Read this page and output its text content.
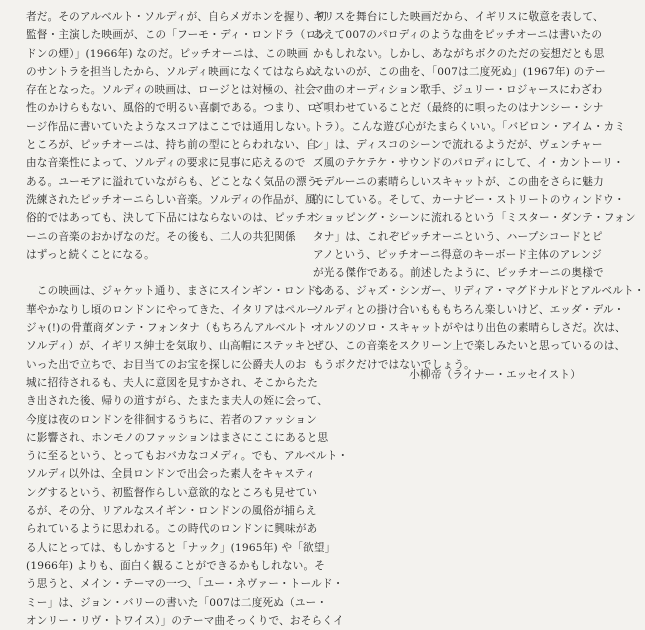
者だ。そのアルベルト・ソルディが、自らメガホンを握り、初
監督・主演した映画が、この「フーモ・ディ・ロンドラ（ロン
ドンの煙）」(1966年) なのだ。ピッチオーニは、この映画
のサントラを担当したから、ソルディ映画になくてはならぬ
存在となった。ソルディの映画は、ロージとは対極の、社会
性のかけらもない、風俗的で明るい喜劇である。つまり、ロ
ージ作品に書いていたようなスコアはここでは通用しない。
ところが、ピッチオーニは、持ち前の型にとらわれない、自
由な音楽性によって、ソルディの要求に見事に応えるので
ある。ユーモアに溢れていながらも、どことなく気品の漂う、
洗練されたピッチオーニらしい音楽。ソルディの作品が、風
俗的ではあっても、決して下品にはならないのは、ピッチオ
ーニの音楽のおかげなのだ。その後も、二人の共犯関係
はずっと続くことになる。
　この映画は、ジャケット通り、まさにスインギン・ロンドン
華やかなりし頃のロンドンにやってきた、イタリアはペルー
ジャ(!)の骨董商ダンテ・フォンタナ（もちろんアルベルト・
ソルディ）が、イギリス紳士を気取り、山高帽にステッキと
いった出で立ちで、お目当てのお宝を探しに公爵夫人のお
城に招待されるも、夫人に意図を見すかされ、そこからたた
き出された後、帰りの道すがら、たまたま夫人の姪に会って、
今度は夜のロンドンを徘徊するうちに、若者のファッション
に影響され、ホンモノのファッションはまさにここにあると思
うに至るという、とってもおバカなコメディ。でも、アルベルト・
ソルディ以外は、全員ロンドンで出会った素人をキャスティ
ングするという、初監督作らしい意欲的なところも見せてい
るが、その分、リアルなスイギン・ロンドンの風俗が捕らえ
られているように思われる。この時代のロンドンに興味があ
る人にとっては、もしかすると「ナック」(1965年) や「欲望」
(1966年) よりも、面白く観ることができるかもしれない。そ
う思うと、メイン・テーマの一つ、「ユー・ネヴァー・トールド・
ミー」は、ジョン・バリーの書いた「007は二度死ぬ（ユー・
オンリー・リヴ・トワイス）」のテーマ曲そっくりで、おそらくイ
ギリスを舞台にした映画だから、イギリスに敬意を表して、
あえて007のパロディのような曲をピッチオーニは書いたの
かもしれない。しかし、あながちボクのただの妄想だとも思
えないのが、この曲を、「007は二度死ぬ」(1967年) のテー
マ曲のオーディション歌手、ジュリー・ロジャースにわざわ
ざ唄わせていることだ（最終的に唄ったのはナンシー・シナ
トラ）。こんな遊び心がたまらくいい。「バビロン・アイム・カミ
ン」は、ディスコのシーンで流れるようだが、ヴェンチャー
ズ風のテケテケ・サウンドのパロディにして、イ・カントーリ・
モデルーニの素晴らしいスキャットが、この曲をさらに魅力
的にしている。そして、カーナビー・ストリートのウィンドウ・
ショッピング・シーンに流れるという「ミスター・ダンテ・フォン
タナ」は、これぞピッチオーニという、ハープシコードとピ
アノという、ピッチオーニ得意のキーボード主体のアレンジ
が光る傑作である。前述したように、ピッチオーニの奥様で
もある、ジャズ・シンガー、リディア・マグドナルドとアルベルト・
ソルディとの掛け合いもももちろん楽しいけど、エッダ・デル・
オルソのソロ・スキャットがやはり出色の素晴らしさだ。次は、
ぜひ、この音楽をスクリーン上で楽しみたいと思っているのは、
もうボクだけではないでしょう。
小柳帝（ライナー・エッセイスト）
